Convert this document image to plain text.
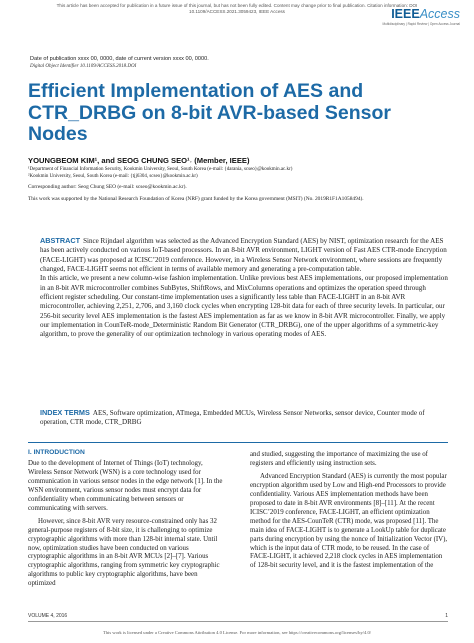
This article has been accepted for publication in a future issue of this journal, but has not been fully edited. Content may change prior to final publication. Citation information: DOI
10.1109/ACCESS.2021.3059423, IEEE Access	IEEEAccess
Multidisciplinary | Rapid Review | Open Access Journal
Date of publication xxxx 00, 0000, date of current version xxxx 00, 0000.
Digital Object Identifier 10.1109/ACCESS.2018.DOI
Efficient Implementation of AES and
CTR_DRBG on 8-bit AVR-based Sensor
Nodes
YOUNGBEOM KIM¹, and SEOG CHUNG SEO¹˒ (Member, IEEE)
¹Department of Financial Information Security, Kookmin University, Seoul, South Korea (e-mail: {darania, scseo}@kookmin.ac.kr)
²Kookmin University, Seoul, South Korea (e-mail: {tjj6304, scseo}@kookmin.ac.kr)
Corresponding author: Seog Chung SEO (e-mail: scseo@kookmin.ac.kr).
This work was supported by the National Research Foundation of Korea (NRF) grant funded by the Korea government (MSIT) (No. 2019R1F1A1058494).

ABSTRACT Since Rijndael algorithm was selected as the Advanced Encryption Standard (AES) by NIST, optimization research for the AES has been actively conducted on various IoT-based processors. In an 8-bit AVR environment, LIGHT version of Fast AES CTR-mode Encryption (FACE-LIGHT) was proposed at ICISC’2019 conference. However, in a Wireless Sensor Network environment, where sessions are frequently changed, FACE-LIGHT seems not efficient in terms of available memory and generating a pre-computation table.

In this article, we present a new column-wise fashion implementation. Unlike previous best AES implementations, our proposed implementation in an 8-bit AVR microcontroller combines SubBytes, ShiftRows, and MixColumns operations and optimizes the operation speed through efficient register scheduling. Our constant-time implementation uses a significantly less table than FACE-LIGHT in an 8-bit AVR microcontroller, achieving 2,251, 2,706, and 3,160 clock cycles when encrypting 128-bit data for each of three security levels. In particular, our 256-bit security level AES implementation is the fastest AES implementation as far as we know in 8-bit AVR microcontroller. Finally, we apply our implementation in CounTeR-mode_Deterministic Random Bit Generator (CTR_DRBG), one of the upper algorithms of a symmetric-key algorithm, to prove the generality of our optimization technology in various operating modes of AES.

INDEX TERMS AES, Software optimization, ATmega, Embedded MCUs, Wireless Sensor Networks, sensor device, Counter mode of operation, CTR mode, CTR_DRBG
I. INTRODUCTION

Due to the development of Internet of Things (IoT) technology, Wireless Sensor Network (WSN) is a core technology used for communication in various sensor nodes in the edge network [1]. In the WSN environment, various sensor nodes must encrypt data for confidentiality when communicating between sensors or communicating with servers.

However, since 8-bit AVR very resource-constrained only has 32 general-purpose registers of 8-bit size, it is challenging to optimize cryptographic algorithms with more than 128-bit internal state. Until now, optimization studies have been conducted on various cryptographic algorithms in an 8-bit AVR MCUs [2]–[7]. Various cryptographic algorithms, ranging from symmetric key cryptographic algorithms to public key cryptographic algorithms, have been optimized

and studied, suggesting the importance of maximizing the use of registers and efficiently using instruction sets.

Advanced Encryption Standard (AES) is currently the most popular encryption algorithm used by Low and High-end Processors to provide confidentiality. Various AES implementation methods have been proposed to date in 8-bit AVR environments [8]–[11]. At the recent ICISC’2019 conference, FACE-LIGHT, an efficient optimization method for the AES-CounTeR (CTR) mode, was proposed [11]. The main idea of FACE-LIGHT is to generate a LookUp table for duplicate parts during encryption by using the nonce of Initialization Vector (IV), which is the input data of CTR mode, to be reused. In the case of FACE-LIGHT, it achieved 2,218 clock cycles in AES implementation of 128-bit security level, and it is the fastest implementation of the

VOLUME 4, 2016	1
This work is licensed under a Creative Commons Attribution 4.0 License. For more information, see https://creativecommons.org/licenses/by/4.0/
